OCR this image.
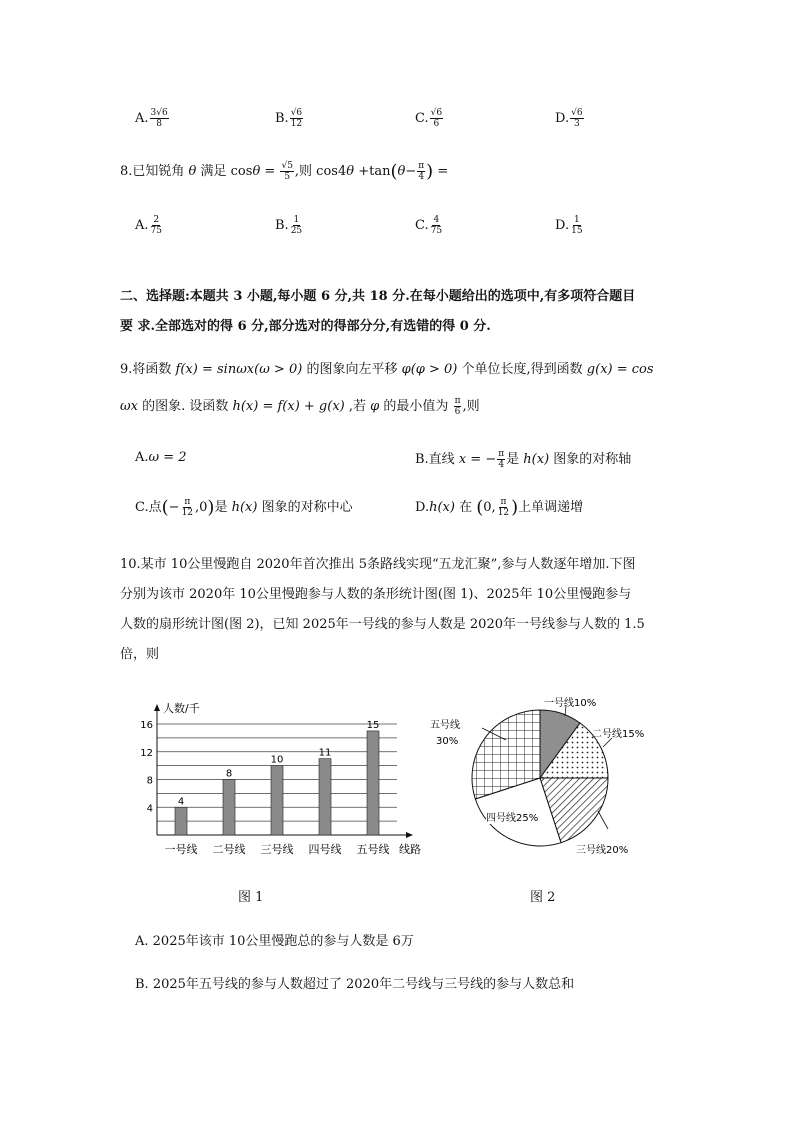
A. $\frac{3√6}{8}$	B. $\frac{√6}{12}$	C. $\frac{√6}{6}$	D. $\frac{√6}{3}$
8.已知锐角 θ 满足 $\cos\theta = \frac{√5}{5}$ ,则 $\cos 4\theta +\tan(\theta- \frac{\pi}{4}$ ) =
A. $\frac{2}{75}$	B. $\frac{1}{25}$	C. $\frac{4}{75}$	D. $\frac{1}{15}$
二、选择题:本题共 3 小题,每小题 6 分,共 18 分.在每小题给出的选项中,有多项符合题目
要 求.全部选对的得 6 分,部分选对的得部分分,有选错的得 0 分.
9.将函数 f(x) = sinωx(ω > 0) 的图象向左平移 φ(φ > 0) 个单位长度,得到函数 g(x) = cos
ωx 的图象. 设函数 h(x) = f(x) + g(x) ,若 φ 的最小值为 $\frac{\pi}{6}$ ,则
A.ω = 2	B.直线 x = − $\frac{\pi}{4}$ 是 h(x) 图象的对称轴
C.点(− $\frac{\pi}{12} ,0$)是 h(x) 图象的对称中心	D.h(x) 在 (0, $\frac{\pi}{12}$ )上单调递增
10.某市 10公里慢跑自 2020年首次推出 5条路线实现“五龙汇聚”,参与人数逐年增加.下图
分别为该市 2020年 10公里慢跑参与人数的条形统计图(图 1)、2025年 10公里慢跑参与
人数的扇形统计图(图 2)，已知 2025年一号线的参与人数是 2020年一号线参与人数的 1.5
倍，则
人数/千
线路
4
8
12
16
4
一号线
8
二号线
10
三号线
11
四号线
15
五号线
图 1
一号线10%
二号线15%
三号线20%
四号线25%
五号线
30%
图 2
A. 2025年该市 10公里慢跑总的参与人数是 6万
B. 2025年五号线的参与人数超过了 2020年二号线与三号线的参与人数总和
